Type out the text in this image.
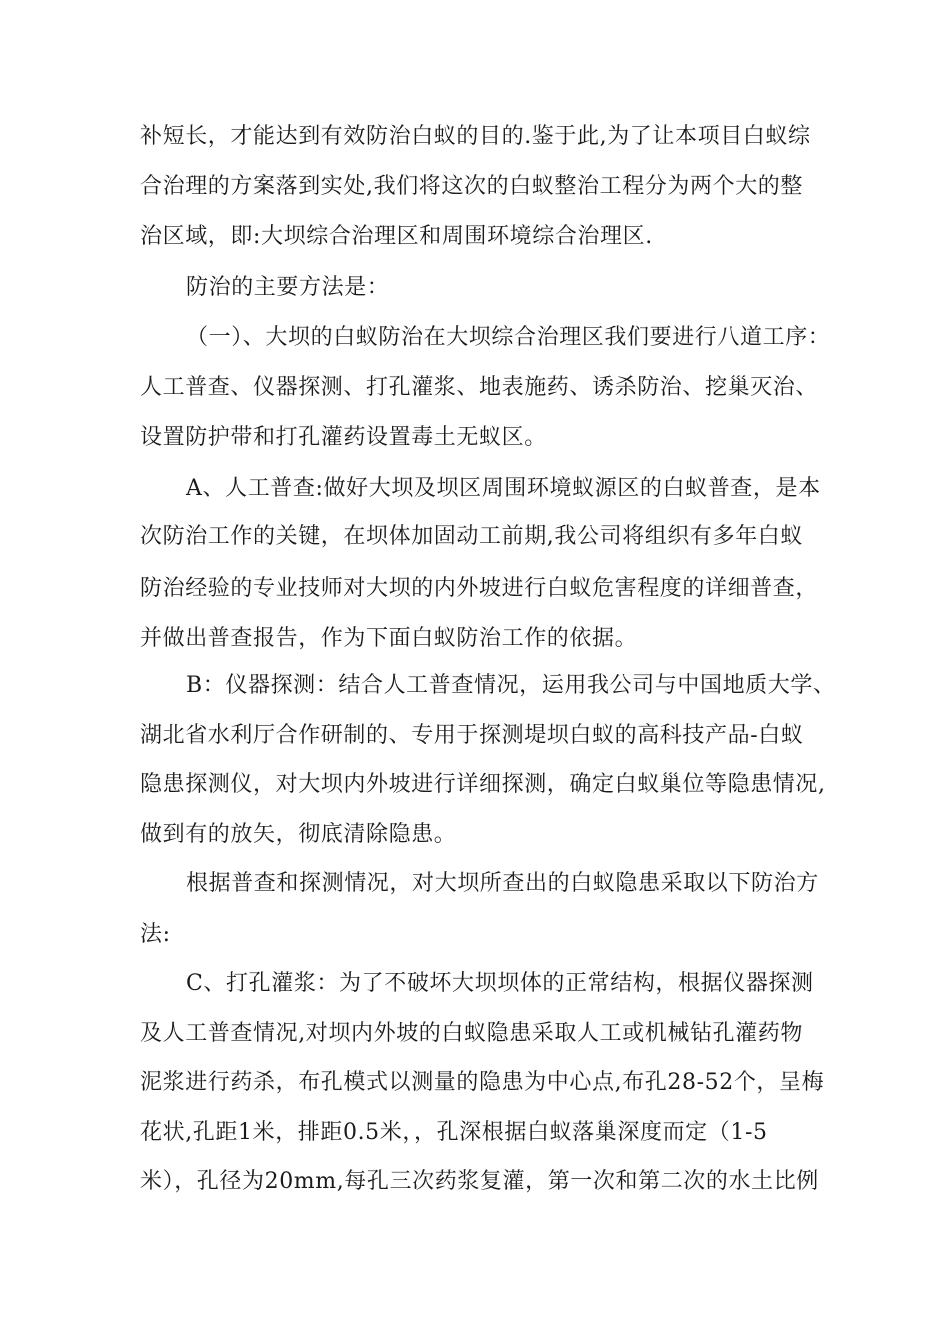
补短长，才能达到有效防治白蚁的目的.鉴于此,为了让本项目白蚁综
合治理的方案落到实处,我们将这次的白蚁整治工程分为两个大的整
治区域，即:大坝综合治理区和周围环境综合治理区.
防治的主要方法是：
（一）、大坝的白蚁防治在大坝综合治理区我们要进行八道工序：
人工普查、仪器探测、打孔灌浆、地表施药、诱杀防治、挖巢灭治、
设置防护带和打孔灌药设置毒土无蚁区。
A、人工普查:做好大坝及坝区周围环境蚁源区的白蚁普查，是本
次防治工作的关键，在坝体加固动工前期,我公司将组织有多年白蚁
防治经验的专业技师对大坝的内外坡进行白蚁危害程度的详细普查，
并做出普查报告，作为下面白蚁防治工作的依据。
B：仪器探测：结合人工普查情况，运用我公司与中国地质大学、
湖北省水利厅合作研制的、专用于探测堤坝白蚁的高科技产品-白蚁
隐患探测仪，对大坝内外坡进行详细探测，确定白蚁巢位等隐患情况,
做到有的放矢，彻底清除隐患。
根据普查和探测情况，对大坝所查出的白蚁隐患采取以下防治方
法:
C、打孔灌浆：为了不破坏大坝坝体的正常结构，根据仪器探测
及人工普查情况,对坝内外坡的白蚁隐患采取人工或机械钻孔灌药物
泥浆进行药杀，布孔模式以测量的隐患为中心点,布孔28-52个，呈梅
花状,孔距1米，排距0.5米，，孔深根据白蚁落巢深度而定（1-5
米），孔径为20mm,每孔三次药浆复灌，第一次和第二次的水土比例
